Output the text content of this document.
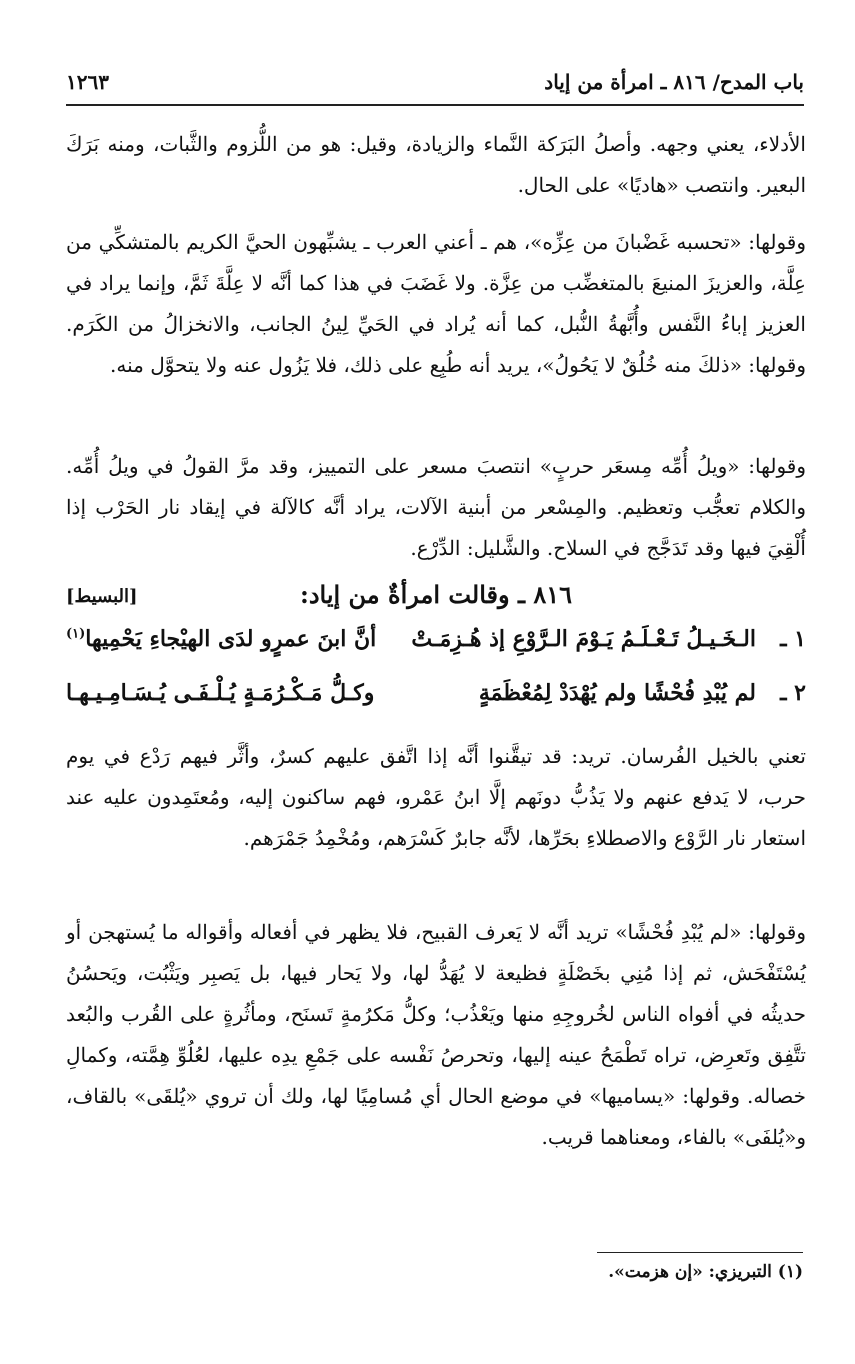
باب المدح/ ٨١٦ ـ امرأة من إياد
١٢٦٣
الأدلاء، يعني وجهه. وأصلُ البَرَكة النَّماء والزيادة، وقيل: هو من اللُّزوم والثَّبات، ومنه بَرَكَ البعير. وانتصب «هاديًا» على الحال.
وقولها: «تحسبه غَضْبانَ من عِزِّه»، هم ـ أعني العرب ـ يشبِّهون الحيَّ الكريم بالمتشكِّي من عِلَّة، والعزيزَ المنيعَ بالمتغضِّب من عِزَّة. ولا غَضَبَ في هذا كما أنَّه لا عِلَّةَ ثَمَّ، وإنما يراد في العزيز إباءُ النَّفس وأُبَّهةُ النُّبل، كما أنه يُراد في الحَيِّ لِينُ الجانب، والانخزالُ من الكَرَم. وقولها: «ذلكَ منه خُلُقٌ لا يَحُولُ»، يريد أنه طُبِع على ذلك، فلا يَزُول عنه ولا يتحوَّل منه.
وقولها: «ويلُ أُمِّه مِسعَر حربٍ» انتصبَ مسعر على التمييز، وقد مرَّ القولُ في ويلُ أُمِّه. والكلام تعجُّب وتعظيم. والمِسْعر من أبنية الآلات، يراد أنَّه كالآلة في إيقاد نار الحَرْب إذا أُلْقِيَ فيها وقد تَدَجَّج في السلاح. والشَّليل: الدِّرْع.
٨١٦ ـ وقالت امرأةٌ من إياد:
[البسيط]
١ ـ
الـخَـيـلُ تَـعْـلَـمُ يَـوْمَ الـرَّوْعِ إذ هُـزِمَـتْ
أنَّ ابنَ عمرٍو لدَى الهيْجاءِ يَحْمِيها$^{(١)}$
٢ ـ
لم يُبْدِ فُحْشًا ولم يُهْدَدْ لِمُعْظَمَةٍ
وكـلُّ مَـكْـرُمَـةٍ يُـلْـفَـى يُـسَـامِـيـهـا
تعني بالخيل الفُرسان. تريد: قد تيقَّنوا أنَّه إذا اتَّفق عليهم كسرٌ، وأثَّر فيهم رَدْع في يوم حرب، لا يَدفع عنهم ولا يَذُبُّ دونَهم إلَّا ابنُ عَمْرو، فهم ساكنون إليه، ومُعتَمِدون عليه عند استعار نار الرَّوْع والاصطلاءِ بحَرِّها، لأنَّه جابرٌ كَسْرَهم، ومُخْمِدُ جَمْرَهم.
وقولها: «لم يُبْدِ فُحْشًا» تريد أنَّه لا يَعرف القبيح، فلا يظهر في أفعاله وأقواله ما يُستهجن أو يُسْتَفْحَش، ثم إذا مُنِي بخَصْلَةٍ فظيعة لا يُهَدُّ لها، ولا يَحار فيها، بل يَصبِر ويَثْبُت، ويَحسُنُ حديثُه في أفواه الناس لخُروجِهِ منها ويَعْذُب؛ وكلُّ مَكرُمةٍ تَسنَح، ومأثُرةٍ على القُرب والبُعد تتَّفِق وتَعرِض، تراه تَطْمَحُ عينه إليها، وتحرصُ نَفْسه على جَمْعِ يدِه عليها، لعُلُوِّ هِمَّته، وكمالِ خصاله. وقولها: «يساميها» في موضع الحال أي مُسامِيًا لها، ولك أن تروي «يُلقَى» بالقاف، و«يُلفَى» بالفاء، ومعناهما قريب.
(١) التبريزي: «إن هزمت».
